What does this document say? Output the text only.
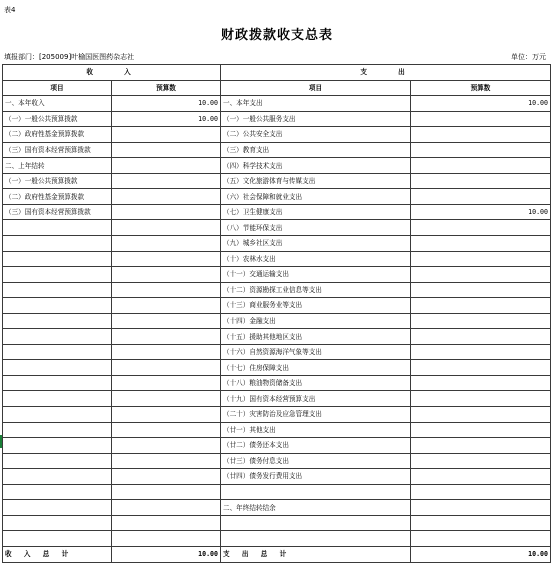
表4
财政拨款收支总表
填报部门：[205009]叶榆国医图药杂志社	单位：万元
收　　入		支　　出	
项目	预算数	项目	预算数
一、本年收入	10.00	一、本年支出	10.00
（一）一般公共预算拨款	10.00	（一）一般公共服务支出	
（二）政府性基金预算拨款		（二）公共安全支出	
（三）国有资本经营预算拨款		（三）教育支出	
二、上年结转		（四）科学技术支出	
（一）一般公共预算拨款		（五）文化旅游体育与传媒支出	
（二）政府性基金预算拨款		（六）社会保障和就业支出	
（三）国有资本经营预算拨款		（七）卫生健康支出	10.00
		（八）节能环保支出	
		（九）城乡社区支出	
		（十）农林水支出	
		（十一）交通运输支出	
		（十二）资源勘探工业信息等支出	
		（十三）商业服务业等支出	
		（十四）金融支出	
		（十五）援助其他地区支出	
		（十六）自然资源海洋气象等支出	
		（十七）住房保障支出	
		（十八）粮油物资储备支出	
		（十九）国有资本经营预算支出	
		（二十）灾害防治及应急管理支出	
		（廿一）其他支出	
		（廿二）债务还本支出	
		（廿三）债务付息支出	
		（廿四）债务发行费用支出	

		二、年终结转结余	

收 入 总 计	10.00	支 出 总 计	10.00
